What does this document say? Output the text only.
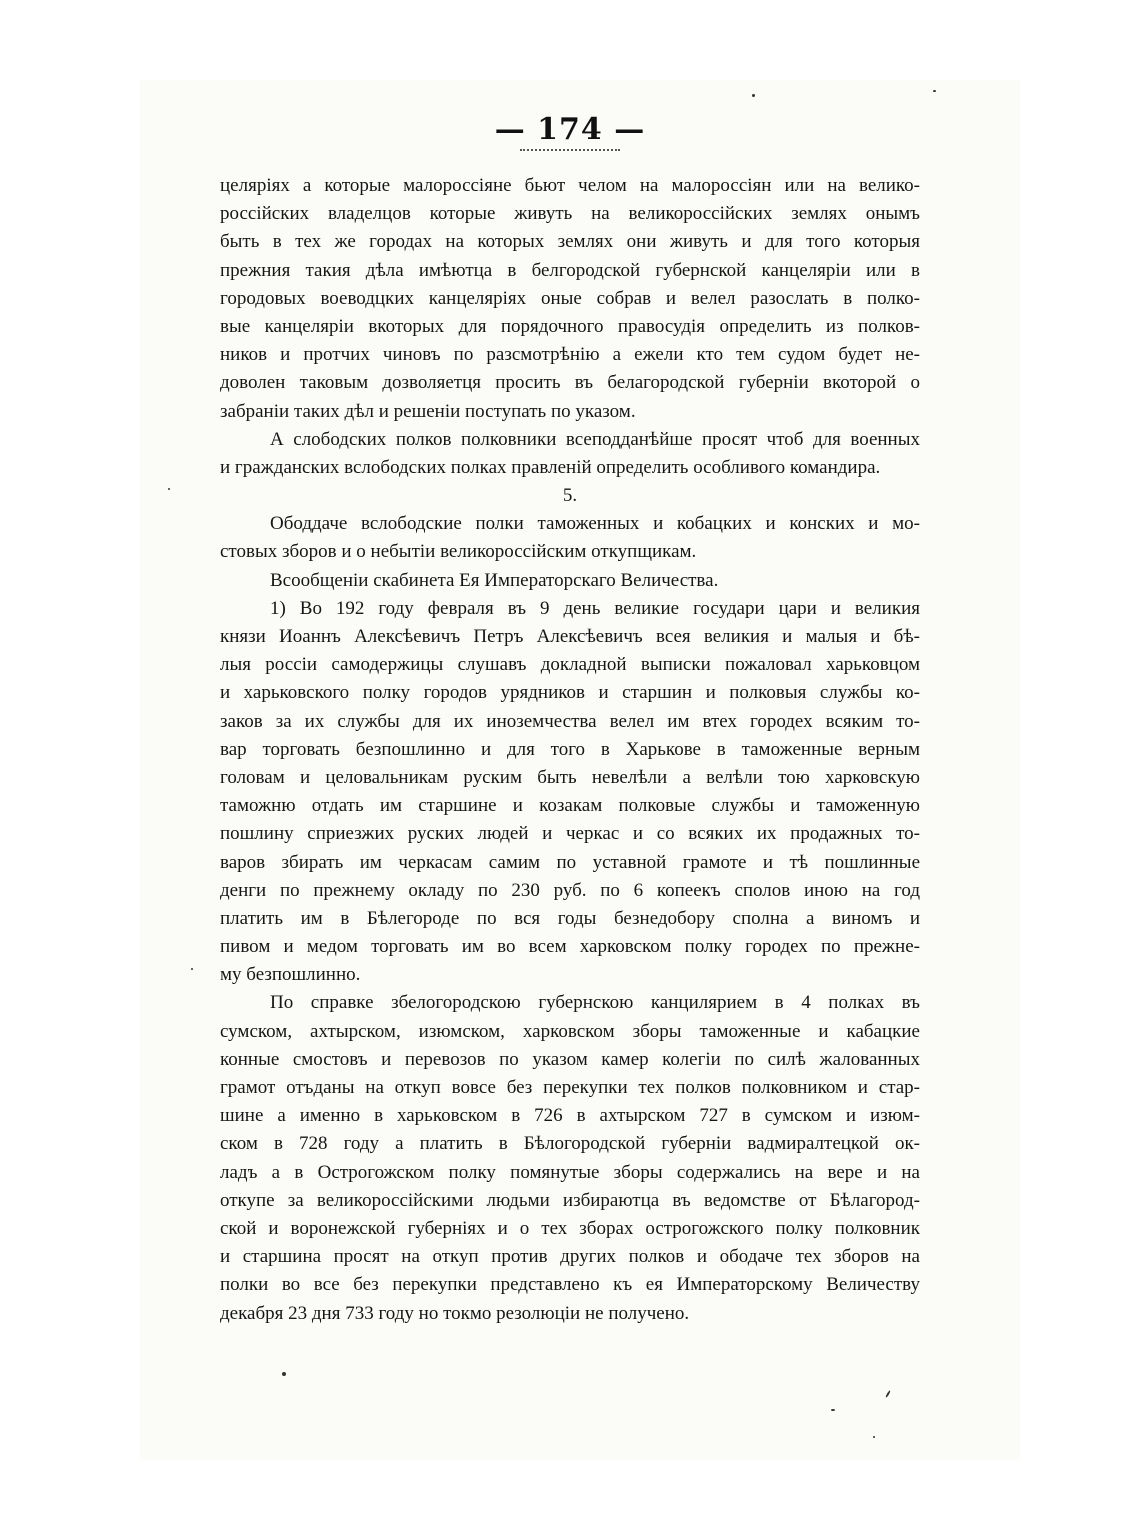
— 174 —
целяріях а которые малороссіяне бьют челом на малороссіян или на велико-
россійских владелцов которые живуть на великороссійских землях онымъ
быть в тех же городах на которых землях они живуть и для того которыя
прежния такия дѣла имѣютца в белгородской губернской канцеляріи или в
городовых воеводцких канцеляріях оные собрав и велел разослать в полко-
вые канцеляріи вкоторых для порядочного правосудія определить из полков-
ников и протчих чиновъ по разсмотрѣнію а ежели кто тем судом будет не-
доволен таковым дозволяетця просить въ белагородской губерніи вкоторой о
забраніи таких дѣл и решеніи поступать по указом.
А слободских полков полковники всеподданѣйше просят чтоб для военных
и гражданских вслободских полках правленій определить особливого командира.
5.
Ободдаче вслободские полки таможенных и кобацких и конских и мо-
стовых зборов и о небытіи великороссійским откупщикам.
Всообщеніи скабинета Ея Императорскаго Величества.
1) Во 192 году февраля въ 9 день великие государи цари и великия
князи Иоаннъ Алексѣевичъ Петръ Алексѣевичъ всея великия и малыя и бѣ-
лыя россіи самодержицы слушавъ докладной выписки пожаловал харьковцом
и харьковского полку городов урядников и старшин и полковыя службы ко-
заков за их службы для их иноземчества велел им втех городех всяким то-
вар торговать безпошлинно и для того в Харькове в таможенные верным
головам и целовальникам руским быть невелѣли а велѣли тою харковскую
таможню отдать им старшине и козакам полковые службы и таможенную
пошлину сприезжих руских людей и черкас и со всяких их продажных то-
варов збирать им черкасам самим по уставной грамоте и тѣ пошлинные
денги по прежнему окладу по 230 руб. по 6 копеекъ сполов иною на год
платить им в Бѣлегороде по вся годы безнедобору сполна а виномъ и
пивом и медом торговать им во всем харковском полку городех по прежне-
му безпошлинно.
По справке збелогородскою губернскою канцилярием в 4 полках въ
сумском, ахтырском, изюмском, харковском зборы таможенные и кабацкие
конные смостовъ и перевозов по указом камер колегіи по силѣ жалованных
грамот отъданы на откуп вовсе без перекупки тех полков полковником и стар-
шине а именно в харьковском в 726 в ахтырском 727 в сумском и изюм-
ском в 728 году а платить в Бѣлогородской губерніи вадмиралтецкой ок-
ладъ а в Острогожском полку помянутые зборы содержались на вере и на
откупе за великороссійскими людьми избираютца въ ведомстве от Бѣлагород-
ской и воронежской губерніях и о тех зборах острогожского полку полковник
и старшина просят на откуп против других полков и ободаче тех зборов на
полки во все без перекупки представлено къ ея Императорскому Величеству
декабря 23 дня 733 году но токмо резолюціи не получено.
